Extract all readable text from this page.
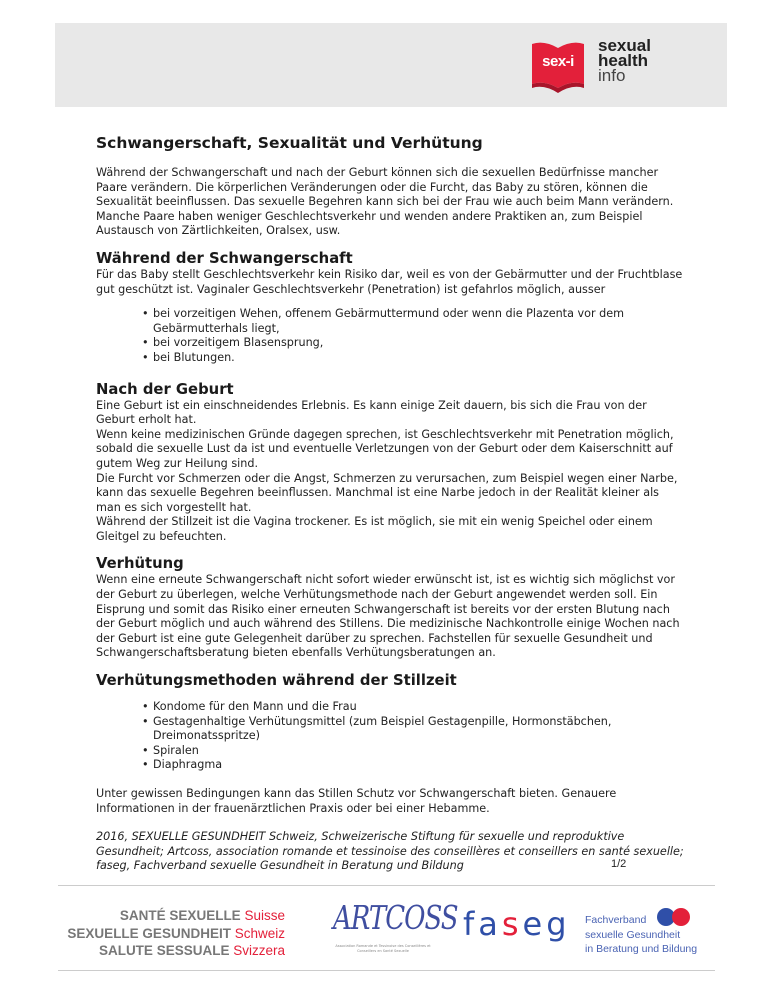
sex-i
sexual
health
info
Schwangerschaft, Sexualität und Verhütung

Während der Schwangerschaft und nach der Geburt können sich die sexuellen Bedürfnisse mancher Paare verändern. Die körperlichen Veränderungen oder die Furcht, das Baby zu stören, können die Sexualität beeinflussen. Das sexuelle Begehren kann sich bei der Frau wie auch beim Mann verändern. Manche Paare haben weniger Geschlechtsverkehr und wenden andere Praktiken an, zum Beispiel Austausch von Zärtlichkeiten, Oralsex, usw.

Während der Schwangerschaft

Für das Baby stellt Geschlechtsverkehr kein Risiko dar, weil es von der Gebärmutter und der Fruchtblase gut geschützt ist. Vaginaler Geschlechtsverkehr (Penetration) ist gefahrlos möglich, ausser

• bei vorzeitigen Wehen, offenem Gebärmuttermund oder wenn die Plazenta vor dem Gebärmutterhals liegt,
• bei vorzeitigem Blasensprung,
• bei Blutungen.
Nach der Geburt

Eine Geburt ist ein einschneidendes Erlebnis. Es kann einige Zeit dauern, bis sich die Frau von der Geburt erholt hat.

Wenn keine medizinischen Gründe dagegen sprechen, ist Geschlechtsverkehr mit Penetration möglich, sobald die sexuelle Lust da ist und eventuelle Verletzungen von der Geburt oder dem Kaiserschnitt auf gutem Weg zur Heilung sind.

Die Furcht vor Schmerzen oder die Angst, Schmerzen zu verursachen, zum Beispiel wegen einer Narbe, kann das sexuelle Begehren beeinflussen. Manchmal ist eine Narbe jedoch in der Realität kleiner als man es sich vorgestellt hat.

Während der Stillzeit ist die Vagina trockener. Es ist möglich, sie mit ein wenig Speichel oder einem Gleitgel zu befeuchten.

Verhütung

Wenn eine erneute Schwangerschaft nicht sofort wieder erwünscht ist, ist es wichtig sich möglichst vor der Geburt zu überlegen, welche Verhütungsmethode nach der Geburt angewendet werden soll. Ein Eisprung und somit das Risiko einer erneuten Schwangerschaft ist bereits vor der ersten Blutung nach der Geburt möglich und auch während des Stillens. Die medizinische Nachkontrolle einige Wochen nach der Geburt ist eine gute Gelegenheit darüber zu sprechen. Fachstellen für sexuelle Gesundheit und Schwangerschaftsberatung bieten ebenfalls Verhütungsberatungen an.

Verhütungsmethoden während der Stillzeit
• Kondome für den Mann und die Frau
• Gestagenhaltige Verhütungsmittel (zum Beispiel Gestagenpille, Hormonstäbchen, Dreimonatsspritze)
• Spiralen
• Diaphragma

Unter gewissen Bedingungen kann das Stillen Schutz vor Schwangerschaft bieten. Genauere Informationen in der frauenärztlichen Praxis oder bei einer Hebamme.

2016, SEXUELLE GESUNDHEIT Schweiz, Schweizerische Stiftung für sexuelle und reproduktive Gesundheit; Artcoss, association romande et tessinoise des conseillères et conseillers en santé sexuelle; faseg, Fachverband sexuelle Gesundheit in Beratung und Bildung	1/2
SANTÉ SEXUELLE Suisse
SEXUELLE GESUNDHEIT Schweiz
SALUTE SESSUALE Svizzera
ARTCOSS
Association Romande et Tessinoise des Conseillères et Conseillers en Santé Sexuelle
faseg Fachverband
sexuelle Gesundheit
in Beratung und Bildung
